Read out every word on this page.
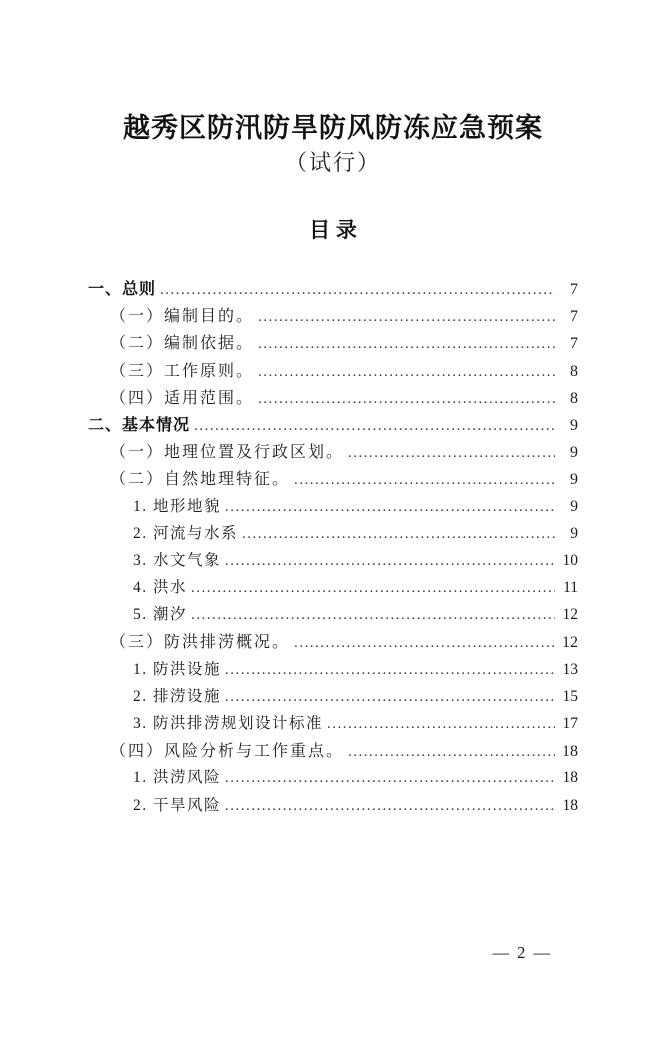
越秀区防汛防旱防风防冻应急预案
（试行）
目 录
一、总则 .....	7
（一）编制目的。 .....	7
（二）编制依据。 .....	7
（三）工作原则。 .....	8
（四）适用范围。 .....	8
二、基本情况 .....	9
（一）地理位置及行政区划。 .....	9
（二）自然地理特征。 .....	9
1. 地形地貌 .....	9
2. 河流与水系 .....	9
3. 水文气象 .....	10
4. 洪水 .....	11
5. 潮汐 .....	12
（三）防洪排涝概况。 .....	12
1. 防洪设施 .....	13
2. 排涝设施 .....	15
3. 防洪排涝规划设计标准 .....	17
（四）风险分析与工作重点。 .....	18
1. 洪涝风险 .....	18
2. 干旱风险 .....	18
— 2 —
